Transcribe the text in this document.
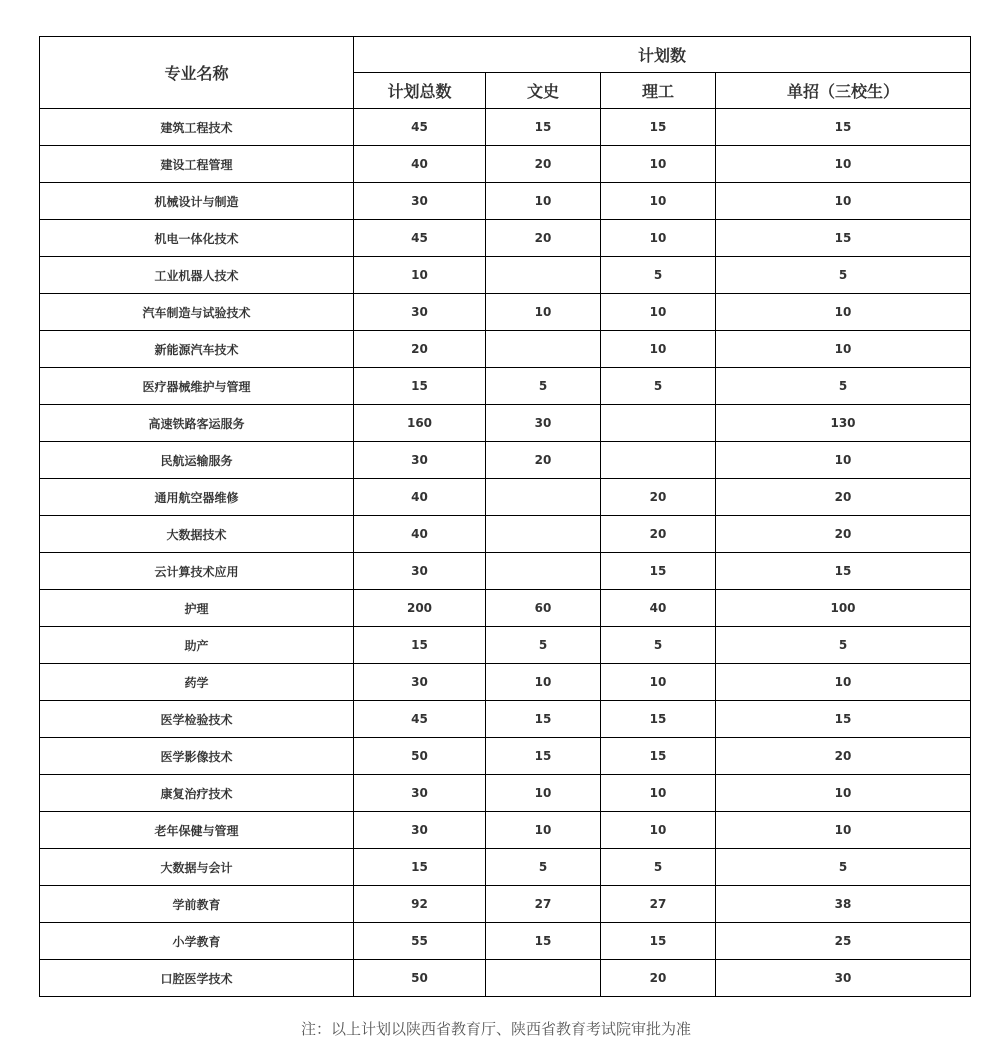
专业名称	计划数			
	计划总数	文史	理工	单招（三校生）
建筑工程技术	45	15	15	15
建设工程管理	40	20	10	10
机械设计与制造	30	10	10	10
机电一体化技术	45	20	10	15
工业机器人技术	10		5	5
汽车制造与试验技术	30	10	10	10
新能源汽车技术	20		10	10
医疗器械维护与管理	15	5	5	5
高速铁路客运服务	160	30		130
民航运输服务	30	20		10
通用航空器维修	40		20	20
大数据技术	40		20	20
云计算技术应用	30		15	15
护理	200	60	40	100
助产	15	5	5	5
药学	30	10	10	10
医学检验技术	45	15	15	15
医学影像技术	50	15	15	20
康复治疗技术	30	10	10	10
老年保健与管理	30	10	10	10
大数据与会计	15	5	5	5
学前教育	92	27	27	38
小学教育	55	15	15	25
口腔医学技术	50		20	30
注：以上计划以陕西省教育厅、陕西省教育考试院审批为准
